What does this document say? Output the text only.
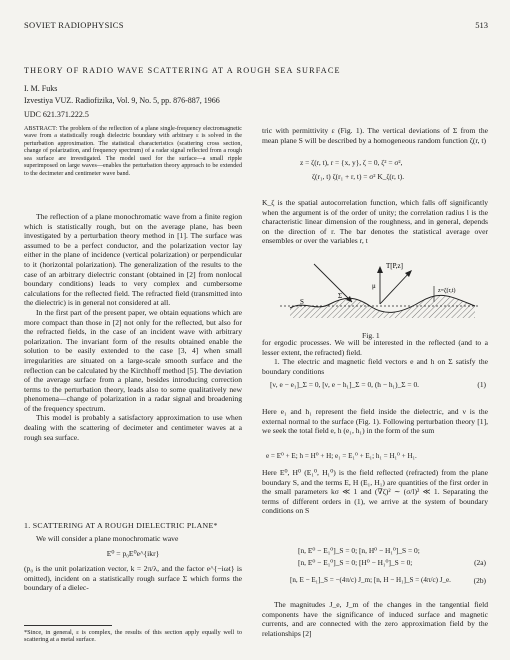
SOVIET RADIOPHYSICS	513
THEORY OF RADIO WAVE SCATTERING AT A ROUGH SEA SURFACE
I. M. Fuks
Izvestiya VUZ. Radiofizika, Vol. 9, No. 5, pp. 876-887, 1966
UDC 621.371.222.5
ABSTRACT: The problem of the reflection of a plane single-frequency electromagnetic wave from a statistically rough dielectric boundary with arbitrary ε is solved in the perturbation approximation. The statistical characteristics (scattering cross section, change of polarization, and frequency spectrum) of a radar signal reflected from a rough sea surface are investigated. The model used for the surface—a small ripple superimposed on large waves—enables the perturbation theory approach to be extended to the decimeter and centimeter wave band.

The reflection of a plane monochromatic wave from a finite region which is statistically rough, but on the average plane, has been investigated by a perturbation theory method in [1]. The surface was assumed to be a perfect conductor, and the polarization vector lay either in the plane of incidence (vertical polarization) or perpendicular to it (horizontal polarization). The generalization of the results to the case of an arbitrary dielectric constant (obtained in [2] from nonlocal boundary conditions) leads to very complex and cumbersome calculations for the reflected field. The refracted field (transmitted into the dielectric) is in general not considered at all.

In the first part of the present paper, we obtain equations which are more compact than those in [2] not only for the reflected, but also for the refracted fields, in the case of an incident wave with arbitrary polarization. The invariant form of the results obtained enable the solution to be easily extended to the case [3, 4] when small irregularities are situated on a large-scale smooth surface and the reflection can be calculated by the Kirchhoff method [5]. The deviation of the average surface from a plane, besides introducing correction terms to the perturbation theory, leads also to some qualitatively new phenomena—change of polarization in a radar signal and broadening of the frequency spectrum.

This model is probably a satisfactory approximation to use when dealing with the scattering of decimeter and centimeter waves at a rough sea surface.

1. SCATTERING AT A ROUGH DIELECTRIC PLANE*

We will consider a plane monochromatic wave

E⁰ = p₀E⁰e^{ikr}

(p₀ is the unit polarization vector, k = 2π/λ, and the factor e^{−iωt} is omitted), incident on a statistically rough surface Σ which forms the boundary of a dielec-

*Since, in general, ε is complex, the results of this section apply equally well to scattering at a metal surface.

tric with permittivity ε (Fig. 1). The vertical deviations of Σ from the mean plane S will be described by a homogeneous random function ζ(r, t)

z = ζ(r, t), r = {x, y}, ζ = 0, ζ² = σ²,
ζ(r₁, t) ζ(r₁ + r, t) = σ² K_ζ(r, t).

K_ζ is the spatial autocorrelation function, which falls off significantly when the argument is of the order of unity; the correlation radius l is the characteristic linear dimension of the roughness, and in general, depends on the direction of r. The bar denotes the statistical average over ensembles or over the variables r, t

T[P,z]
μ
Σ
S
z=ζ(r,t)
Fig. 1

for ergodic processes. We will be interested in the reflected (and to a lesser extent, the refracted) field.

1. The electric and magnetic field vectors e and h on Σ satisfy the boundary conditions

[ν, e − e₁]_Σ = 0, [ν, e − h₁]_Σ = 0, (h − h₁)_Σ = 0.	(1)

Here e₁ and h₁ represent the field inside the dielectric, and ν is the external normal to the surface (Fig. 1). Following perturbation theory [1], we seek the total field e, h (e₁, h₁) in the form of the sum

e = E⁰ + E; h = H⁰ + H; e₁ = E₁⁰ + E₁; h₁ = H₁⁰ + H₁.

Here E⁰, H⁰ (E₁⁰, H₁⁰) is the field reflected (refracted) from the plane boundary S, and the terms E, H (E₁, H₁) are quantities of the first order in the small parameters kσ ≪ 1 and (∇ζ)² ∼ (σ/l)² ≪ 1. Separating the terms of different orders in (1), we arrive at the system of boundary conditions on S

[n, E⁰ − E₁⁰]_S = 0; [n, H⁰ − H₁⁰]_S = 0;
[n, E⁰ − E₁⁰]_S = 0; [H⁰ − H₁⁰]_S = 0;	(2a)
[n, E − E₁]_S = −(4π/c) J_m; [n, H − H₁]_S = (4π/c) J_e.	(2b)

The magnitudes J_e, J_m of the changes in the tangential field components have the significance of induced surface and magnetic currents, and are connected with the zero approximation field by the relationships [2]
